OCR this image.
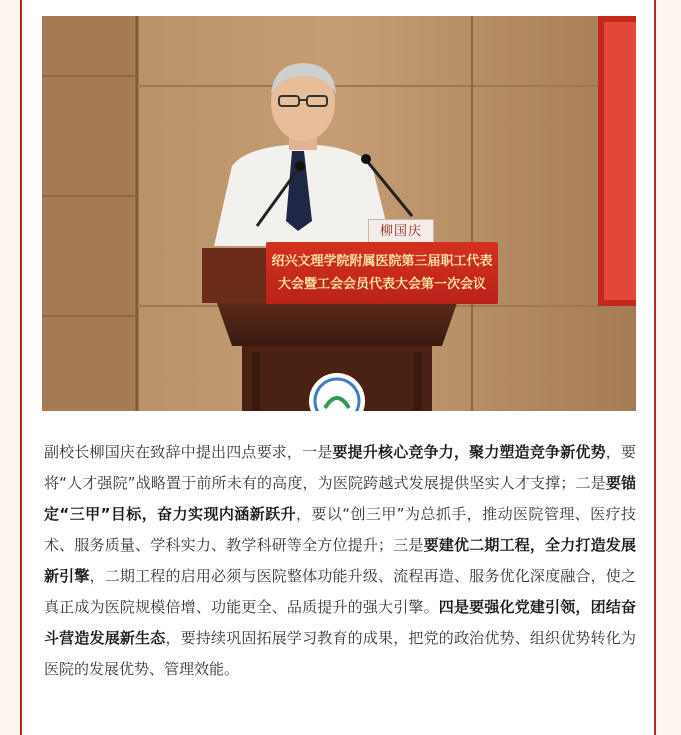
柳国庆
绍兴文理学院附属医院第三届职工代表
大会暨工会会员代表大会第一次会议

副校长柳国庆在致辞中提出四点要求，一是要提升核心竞争力，聚力塑造竞争新优势，要将“人才强院”战略置于前所未有的高度，为医院跨越式发展提供坚实人才支撑；二是要锚定“三甲”目标，奋力实现内涵新跃升，要以“创三甲”为总抓手，推动医院管理、医疗技术、服务质量、学科实力、教学科研等全方位提升；三是要建优二期工程，全力打造发展新引擎，二期工程的启用必须与医院整体功能升级、流程再造、服务优化深度融合，使之真正成为医院规模倍增、功能更全、品质提升的强大引擎。四是要强化党建引领，团结奋斗营造发展新生态，要持续巩固拓展学习教育的成果，把党的政治优势、组织优势转化为医院的发展优势、管理效能。
